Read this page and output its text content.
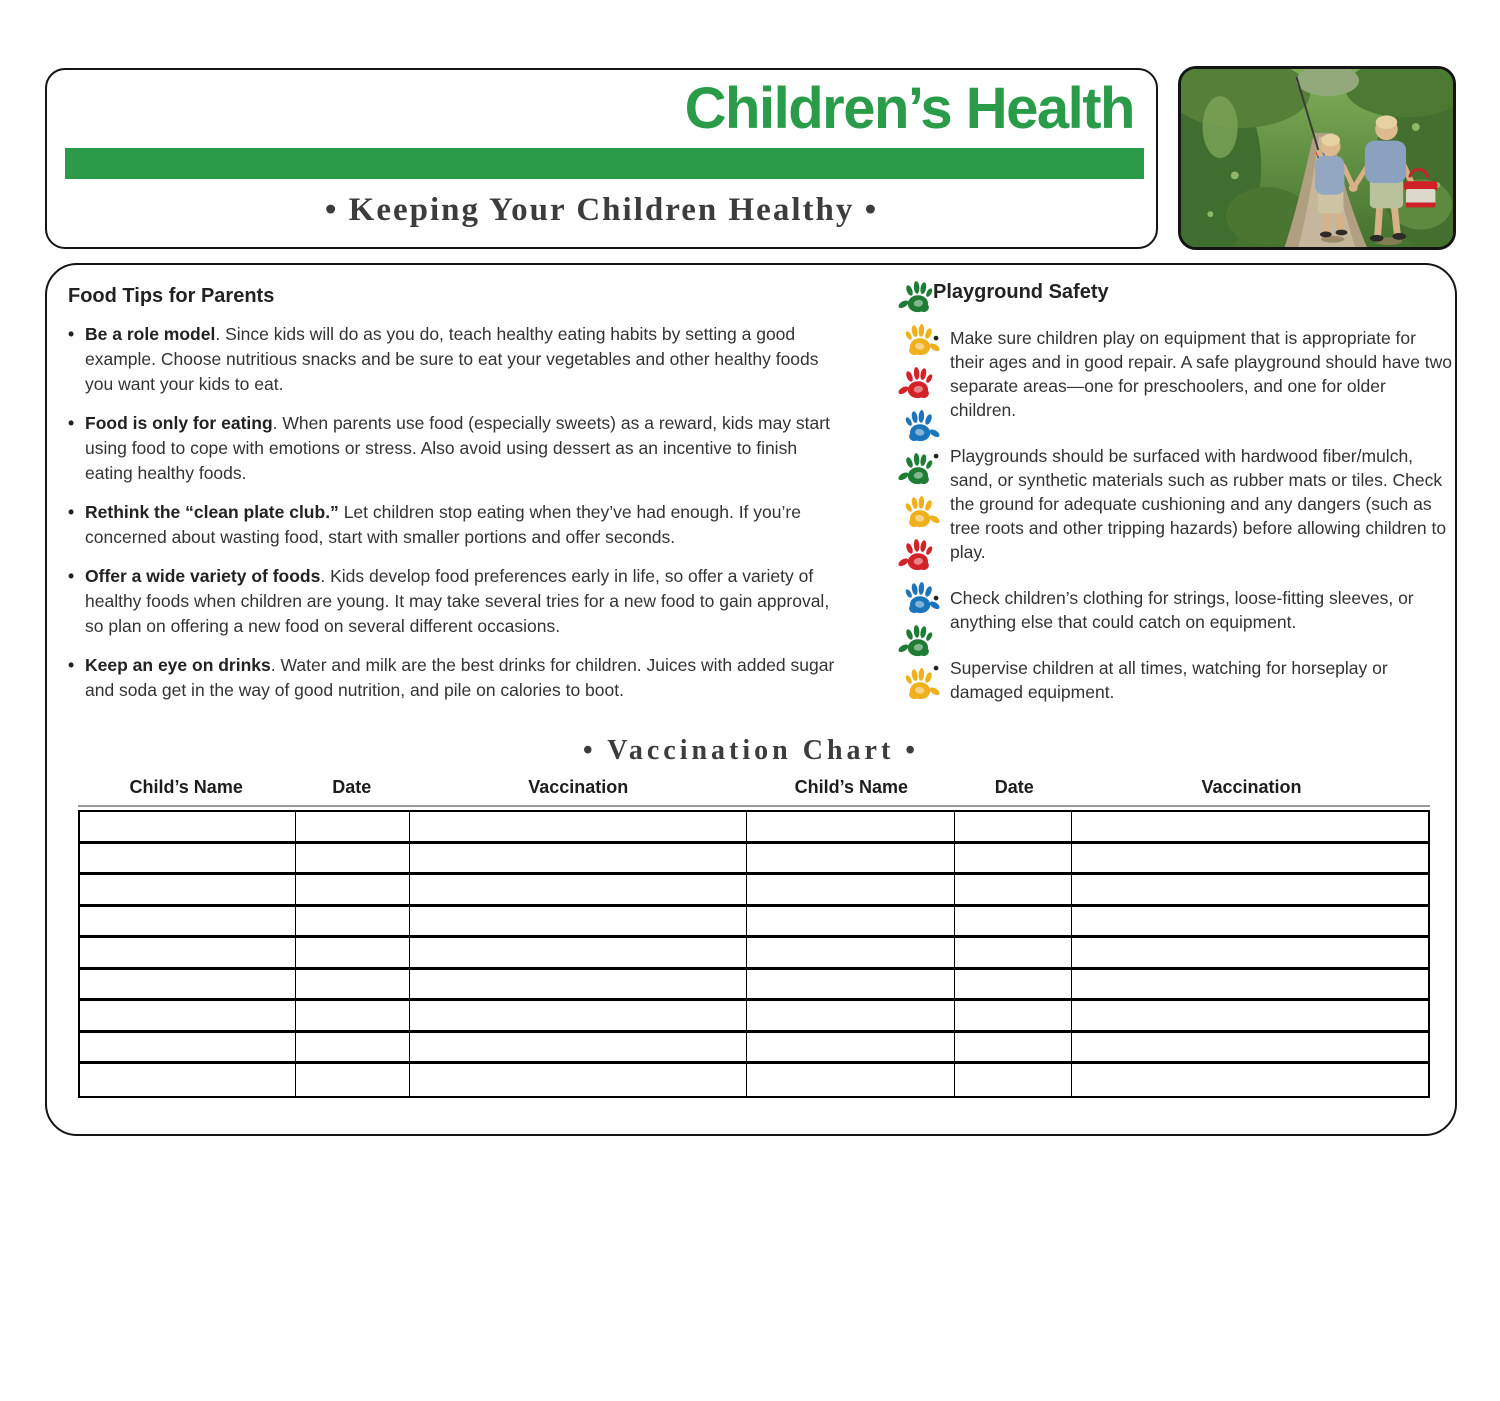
Children’s Health

• Keeping Your Children Healthy •

Food Tips for Parents
• Be a role model. Since kids will do as you do, teach healthy eating habits by setting a good example. Choose nutritious snacks and be sure to eat your vegetables and other healthy foods you want your kids to eat.
• Food is only for eating. When parents use food (especially sweets) as a reward, kids may start using food to cope with emotions or stress. Also avoid using dessert as an incentive to finish eating healthy foods.
• Rethink the “clean plate club.” Let children stop eating when they’ve had enough. If you’re concerned about wasting food, start with smaller portions and offer seconds.
• Offer a wide variety of foods. Kids develop food preferences early in life, so offer a variety of healthy foods when children are young. It may take several tries for a new food to gain approval, so plan on offering a new food on several different occasions.
• Keep an eye on drinks. Water and milk are the best drinks for children. Juices with added sugar and soda get in the way of good nutrition, and pile on calories to boot.
Playground Safety
• Make sure children play on equipment that is appropriate for their ages and in good repair. A safe playground should have two separate areas—one for preschoolers, and one for older children.
• Playgrounds should be surfaced with hardwood fiber/mulch, sand, or synthetic materials such as rubber mats or tiles. Check the ground for adequate cushioning and any dangers (such as tree roots and other tripping hazards) before allowing children to play.
• Check children’s clothing for strings, loose-fitting sleeves, or anything else that could catch on equipment.
• Supervise children at all times, watching for horseplay or damaged equipment.
• Vaccination Chart •
Child’s Name	Date	Vaccination	Child’s Name	Date	Vaccination
